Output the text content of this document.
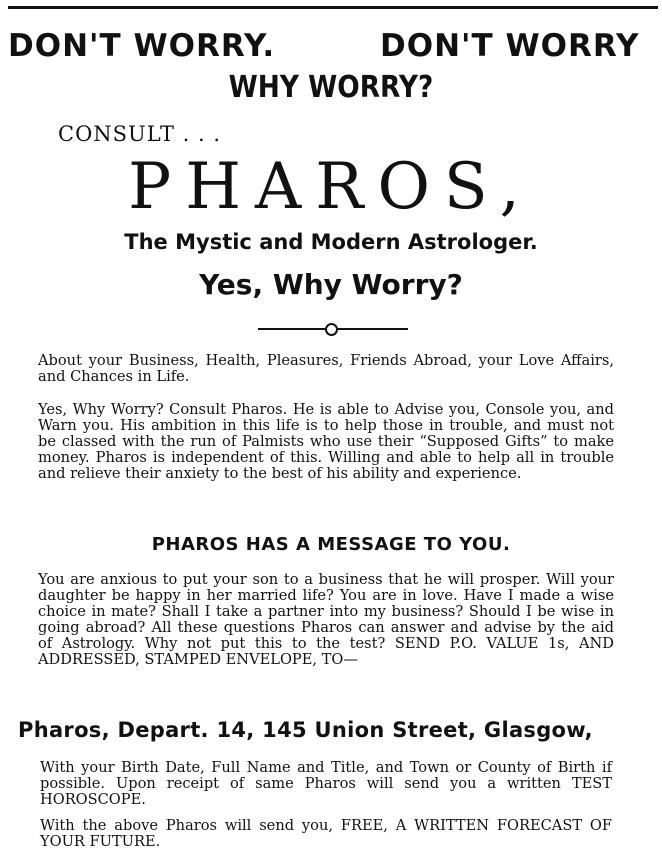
DON'T WORRY.	DON'T WORRY
WHY WORRY?
CONSULT . . .
PHAROS,
The Mystic and Modern Astrologer.
Yes, Why Worry?
About your Business, Health, Pleasures, Friends Abroad, your Love Affairs, and Chances in Life.
Yes, Why Worry? Consult Pharos. He is able to Advise you, Console you, and Warn you. His ambition in this life is to help those in trouble, and must not be classed with the run of Palmists who use their “Supposed Gifts” to make money. Pharos is independent of this. Willing and able to help all in trouble and relieve their anxiety to the best of his ability and experience.
PHAROS HAS A MESSAGE TO YOU.
You are anxious to put your son to a business that he will prosper. Will your daughter be happy in her married life? You are in love. Have I made a wise choice in mate? Shall I take a partner into my business? Should I be wise in going abroad? All these questions Pharos can answer and advise by the aid of Astrology. Why not put this to the test? SEND P.O. VALUE 1s, AND ADDRESSED, STAMPED ENVELOPE, TO—
Pharos, Depart. 14, 145 Union Street, Glasgow,
With your Birth Date, Full Name and Title, and Town or County of Birth if possible. Upon receipt of same Pharos will send you a written TEST HOROSCOPE.
With the above Pharos will send you, FREE, A WRITTEN FORECAST OF YOUR FUTURE.
